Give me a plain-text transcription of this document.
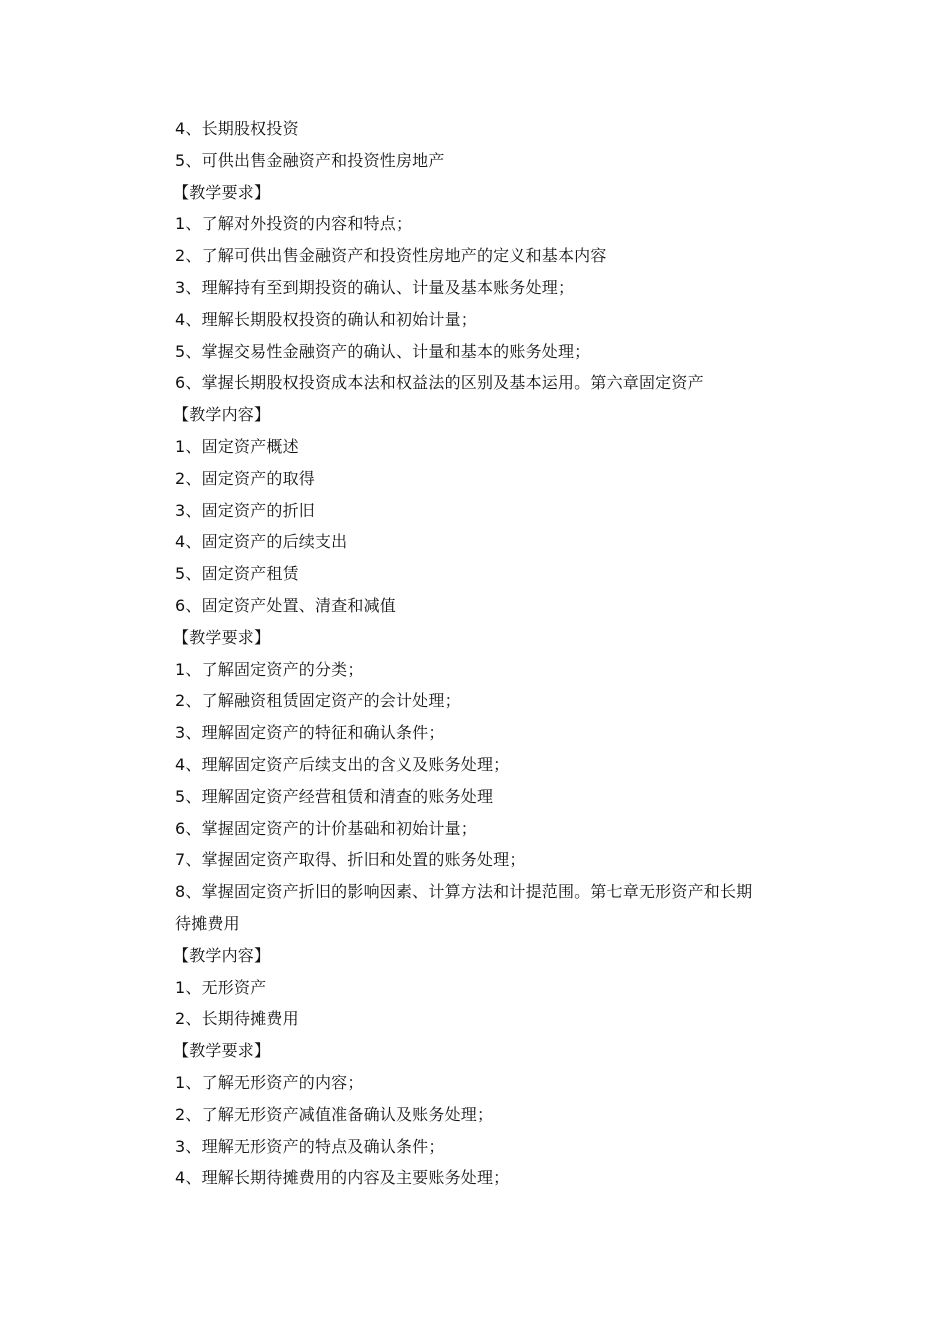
4、长期股权投资
5、可供出售金融资产和投资性房地产
【教学要求】
1、了解对外投资的内容和特点；
2、了解可供出售金融资产和投资性房地产的定义和基本内容
3、理解持有至到期投资的确认、计量及基本账务处理；
4、理解长期股权投资的确认和初始计量；
5、掌握交易性金融资产的确认、计量和基本的账务处理；
6、掌握长期股权投资成本法和权益法的区别及基本运用。第六章固定资产
【教学内容】
1、固定资产概述
2、固定资产的取得
3、固定资产的折旧
4、固定资产的后续支出
5、固定资产租赁
6、固定资产处置、清查和减值
【教学要求】
1、了解固定资产的分类；
2、了解融资租赁固定资产的会计处理；
3、理解固定资产的特征和确认条件；
4、理解固定资产后续支出的含义及账务处理；
5、理解固定资产经营租赁和清查的账务处理
6、掌握固定资产的计价基础和初始计量；
7、掌握固定资产取得、折旧和处置的账务处理；
8、掌握固定资产折旧的影响因素、计算方法和计提范围。第七章无形资产和长期
待摊费用
【教学内容】
1、无形资产
2、长期待摊费用
【教学要求】
1、了解无形资产的内容；
2、了解无形资产减值准备确认及账务处理；
3、理解无形资产的特点及确认条件；
4、理解长期待摊费用的内容及主要账务处理；
